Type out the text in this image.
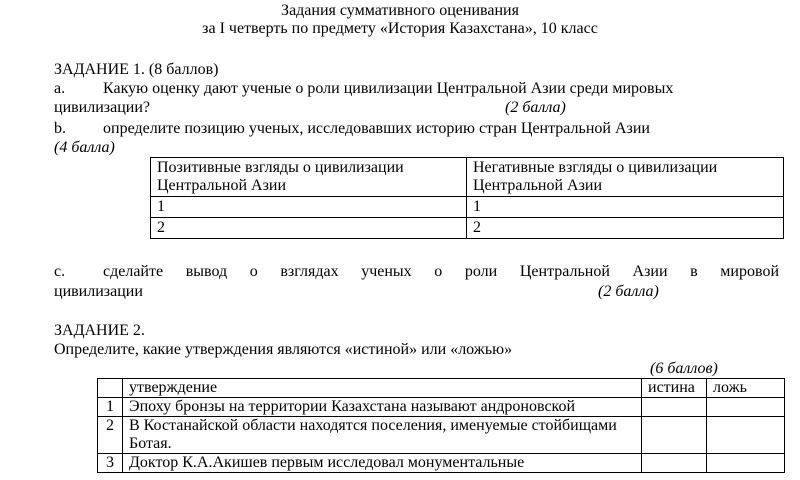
Задания суммативного оценивания
за I четверть по предмету «История Казахстана», 10 класс
ЗАДАНИЕ 1. (8 баллов)
a. Какую оценку дают ученые о роли цивилизации Центральной Азии среди мировых
цивилизации?	(2 балла)
b. определите позицию ученых, исследовавших историю стран Центральной Азии
(4 балла)
Позитивные взгляды о цивилизации Центральной Азии	Негативные взгляды о цивилизации Центральной Азии
1	1
2	2
c. сделайте вывод о взглядах ученых о роли Центральной Азии в мировой
цивилизации	(2 балла)
ЗАДАНИЕ 2.
Определите, какие утверждения являются «истиной» или «ложью»
(6 баллов)
	утверждение	истина	ложь
1	Эпоху бронзы на территории Казахстана называют андроновской		
2	В Костанайской области находятся поселения, именуемые стойбищами Ботая.		
3	Доктор К.А.Акишев первым исследовал монументальные		
